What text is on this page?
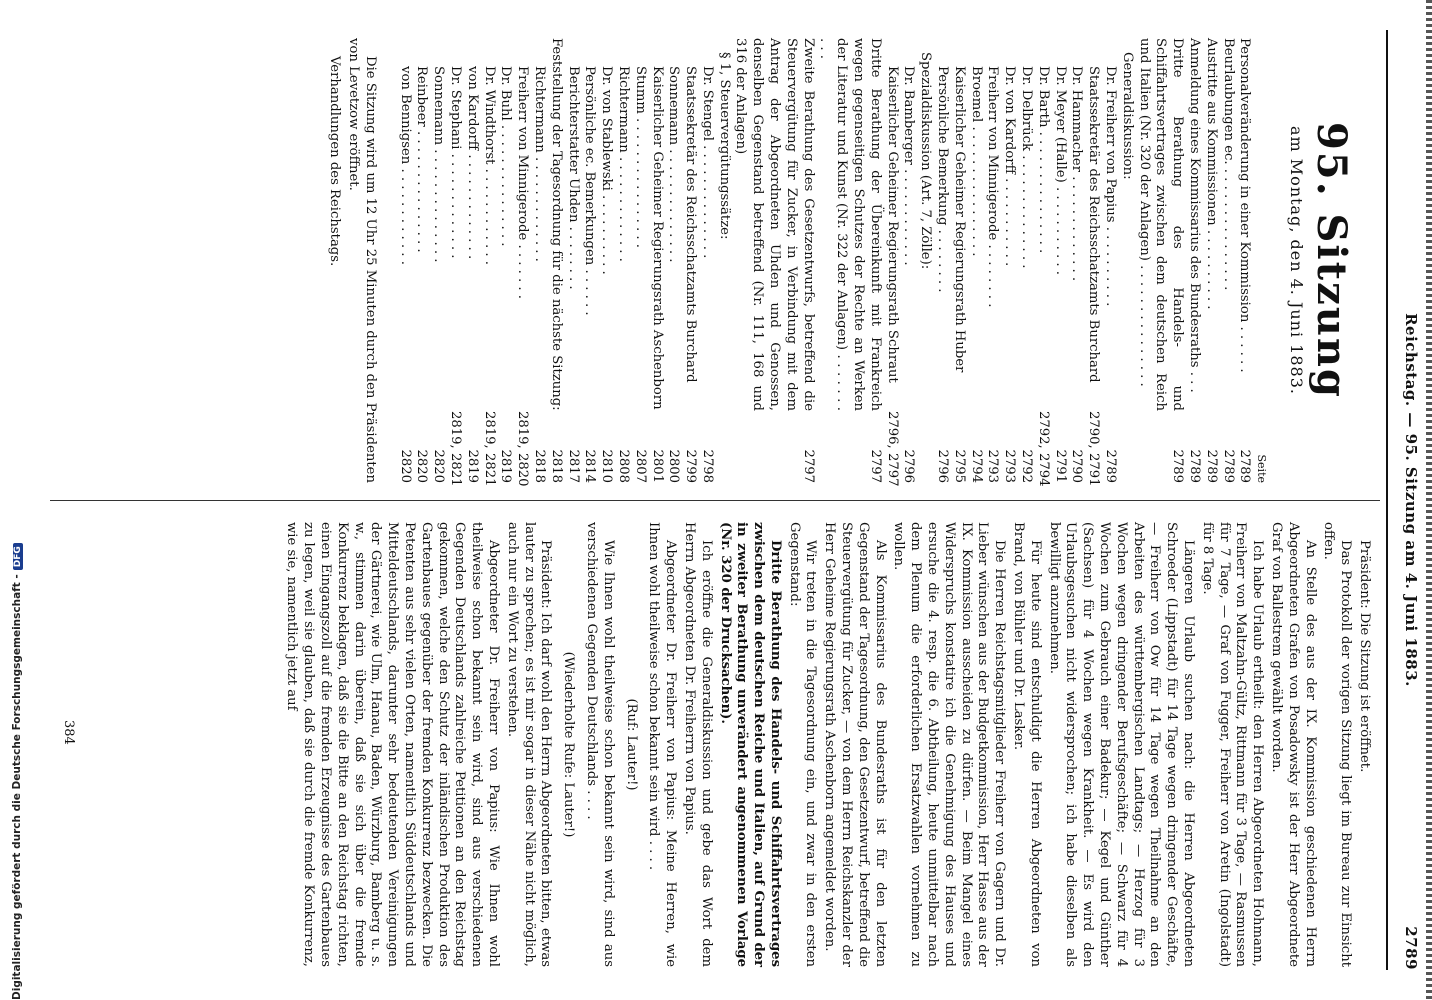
Digitalisierung gefördert durch die Deutsche Forschungsgemeinschaft -DFG	Reichstag. — 95. Sitzung am 4. Juni 1883.
2789
95. Sitzung
am Montag, den 4. Juni 1883.
Seite
Personalveränderung in einer Kommission . . . . . .
2789
Beurlaubungen ec. . . . . . . . . . . . . . . .
2789
Austritte aus Kommissionen . . . . . . . . . .
2789
Anmeldung eines Kommissarius des Bundesraths . . .
2789
Dritte Berathung des Handels- und Schiffahrtsvertrages zwischen dem deutschen Reich und Italien (Nr. 320 der Anlagen) . . . . . . . . . . . . . . .
2789
Generaldiskussion:
Dr. Freiherr von Papius . . . . . . . . . .
2789
Staatssekretär des Reichsschatzamts Burchard
2790, 2791
Dr. Hammacher . . . . . . . . . . . . .
2790
Dr. Meyer (Halle) . . . . . . . . . . .
2791
Dr. Barth . . . . . . . . . . . . . . .
2792, 2794
Dr. Delbrück . . . . . . . . . . . . . .
2792
Dr. von Kardorff . . . . . . . . . . .
2793
Freiherr von Minnigerode . . . . . . . .
2793
Broemel . . . . . . . . . . . . . . . .
2794
Kaiserlicher Geheimer Regierungsrath Huber
2795
Persönliche Bemerkung . . . . . . . .
2796
Spezialdiskussion (Art. 7, Zölle):
Dr. Bamberger . . . . . . . . . . . .
2796
Kaiserlicher Geheimer Regierungsrath Schraut
2796, 2797
Dritte Berathung der Übereinkunft mit Frankreich wegen gegenseitigen Schutzes der Rechte an Werken der Literatur und Kunst (Nr. 322 der Anlagen) . . . . . . . . . .
2797
Zweite Berathung des Gesetzentwurfs, betreffend die Steuervergütung für Zucker, in Verbindung mit dem Antrag der Abgeordneten Uhden und Genossen, denselben Gegenstand betreffend (Nr. 111, 168 und 316 der Anlagen)
2797
§ 1, Steuervergütungssätze:
Dr. Stengel . . . . . . . . . . . . . .
2798
Staatssekretär des Reichsschatzamts Burchard
2799
Sonnemann . . . . . . . . . . . . . .
2800
Kaiserlicher Geheimer Regierungsrath Aschenborn
2801
Stumm . . . . . . . . . . . . . . . .
2807
Richtermann . . . . . . . . . . . . .
2808
Dr. von Stablewski . . . . . . . . . .
2810
Persönliche ec. Bemerkungen . . . . . .
2814
Berichterstatter Uhden . . . . . . . .
2817
Feststellung der Tagesordnung für die nächste Sitzung:
2818
Richtermann . . . . . . . . . . . . .
2818
Freiherr von Minnigerode . . . . . . .
2819, 2820
Dr. Buhl . . . . . . . . . . . . . . .
2819
Dr. Windthorst . . . . . . . . . . . .
2819, 2821
von Kardorff . . . . . . . . . . . . .
2819
Dr. Stephani . . . . . . . . . . . . .
2819, 2821
Sonnemann . . . . . . . . . . . . . .
2820
Reinbeer . . . . . . . . . . . . . . .
2820
von Bennigsen . . . . . . . . . . . .
2820

Die Sitzung wird um 12 Uhr 25 Minuten durch den Präsidenten von Levetzow eröffnet.

Verhandlungen des Reichstags.

Präsident: Die Sitzung ist eröffnet.

Das Protokoll der vorigen Sitzung liegt im Bureau zur Einsicht offen.

An Stelle des aus der IX. Kommission geschiedenen Herrn Abgeordneten Grafen von Posadowsky ist der Herr Abgeordnete Graf von Ballestrem gewählt worden.

Ich habe Urlaub ertheilt: den Herren Abgeordneten Hohmann, Freiherr von Maltzahn-Gültz, Rittmann für 3 Tage, — Rasmussen für 7 Tage, — Graf von Fugger, Freiherr von Aretin (Ingolstadt) für 8 Tage.

Längeren Urlaub suchen nach: die Herren Abgeordneten Schroeder (Lippstadt) für 14 Tage wegen dringender Geschäfte, — Freiherr von Ow für 14 Tage wegen Theilnahme an den Arbeiten des württembergischen Landtags; — Herzog für 3 Wochen wegen dringender Berufsgeschäfte; — Schwarz für 4 Wochen zum Gebrauch einer Badekur; — Kegel und Günther (Sachsen) für 4 Wochen wegen Krankheit. — Es wird den Urlaubsgesuchen nicht widersprochen; ich habe dieselben als bewilligt anzunehmen.

Für heute sind entschuldigt die Herren Abgeordneten von Brand, von Bühler und Dr. Lasker.

Die Herren Reichstagsmitglieder Freiherr von Gagern und Dr. Lieber wünschen aus der Budgetkommission, Herr Hasse aus der IX. Kommission ausscheiden zu dürfen. — Beim Mangel eines Widerspruchs konstatire ich die Genehmigung des Hauses und ersuche die 4. resp. die 6. Abtheilung, heute unmittelbar nach dem Plenum die erforderlichen Ersatzwahlen vornehmen zu wollen.

Als Kommissarius des Bundesraths ist für den letzten Gegenstand der Tagesordnung, den Gesetzentwurf, betreffend die Steuervergütung für Zucker, — von dem Herrn Reichskanzler der Herr Geheime Regierungsrath Aschenborn angemeldet worden.

Wir treten in die Tagesordnung ein, und zwar in den ersten Gegenstand:

Dritte Berathung des Handels- und Schiffahrtsvertrages zwischen dem deutschen Reiche und Italien, auf Grund der in zweiter Berathung unverändert angenommenen Vorlage (Nr. 320 der Drucksachen).

Ich eröffne die Generaldiskussion und gebe das Wort dem Herrn Abgeordneten Dr. Freiherrn von Papius.

Abgeordneter Dr. Freiherr von Papius: Meine Herren, wie Ihnen wohl theilweise schon bekannt sein wird . . . .

(Ruf: Lauter!)

Wie Ihnen wohl theilweise schon bekannt sein wird, sind aus verschiedenen Gegenden Deutschlands . . . .

(Wiederholte Rufe: Lauter!)

Präsident: Ich darf wohl den Herrn Abgeordneten bitten, etwas lauter zu sprechen; es ist mir sogar in dieser Nähe nicht möglich, auch nur ein Wort zu verstehen.

Abgeordneter Dr. Freiherr von Papius: Wie Ihnen wohl theilweise schon bekannt sein wird, sind aus verschiedenen Gegenden Deutschlands zahlreiche Petitionen an den Reichstag gekommen, welche den Schutz der inländischen Produktion des Gartenbaues gegenüber der fremden Konkurrenz bezwecken. Die Petenten aus sehr vielen Orten, namentlich Süddeutschlands und Mitteldeutschlands, darunter sehr bedeutenden Vereinigungen der Gärtnerei, wie Ulm, Hanau, Baden, Würzburg, Bamberg u. s. w., stimmen darin überein, daß sie sich über die fremde Konkurrenz beklagen, daß sie die Bitte an den Reichstag richten, einen Eingangszoll auf die fremden Erzeugnisse des Gartenbaues zu legen, weil sie glauben, daß sie durch die fremde Konkurrenz, wie sie, namentlich jetzt auf

384
